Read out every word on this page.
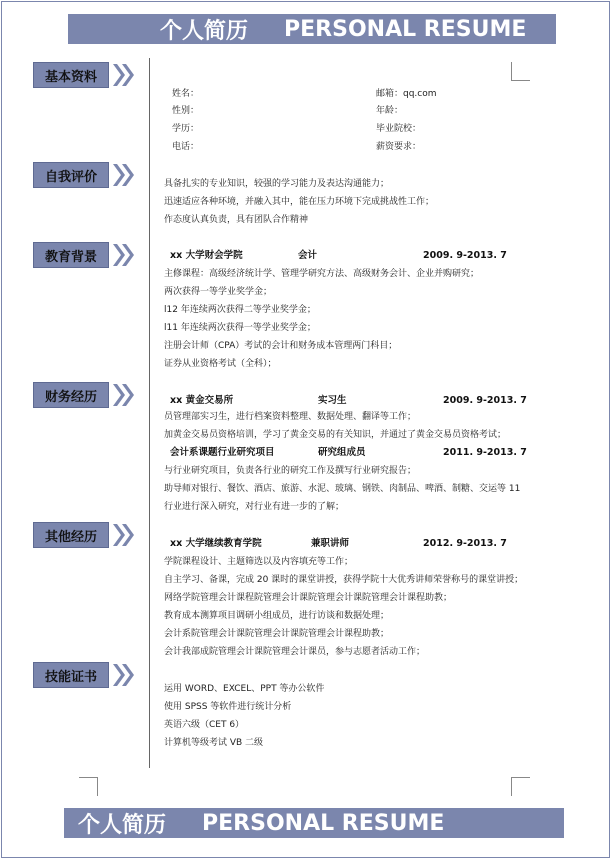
个人简历 PERSONAL RESUME
基本资料
自我评价
教育背景
财务经历
其他经历
技能证书
姓名：	邮箱：qq.com
性别：	年龄：
学历：	毕业院校：
电话：	薪资要求：
具备扎实的专业知识，较强的学习能力及表达沟通能力；
迅速适应各种环境，并融入其中，能在压力环境下完成挑战性工作；
作态度认真负责，具有团队合作精神
xx 大学财会学院	会计	2009. 9-2013. 7
主修课程：高级经济统计学、管理学研究方法、高级财务会计、企业并购研究；
两次获得一等学业奖学金；
l12 年连续两次获得二等学业奖学金；
l11 年连续两次获得一等学业奖学金；
注册会计师（CPA）考试的会计和财务成本管理两门科目；
证券从业资格考试（全科）；
xx 黄金交易所	实习生	2009. 9-2013. 7
员管理部实习生，进行档案资料整理、数据处理、翻译等工作；
加黄金交易员资格培训，学习了黄金交易的有关知识，并通过了黄金交易员资格考试；
会计系课题行业研究项目	研究组成员	2011. 9-2013. 7
与行业研究项目，负责各行业的研究工作及撰写行业研究报告；
助导师对银行、餐饮、酒店、旅游、水泥、玻璃、钢铁、肉制品、啤酒、制糖、交运等 11
行业进行深入研究，对行业有进一步的了解；
xx 大学继续教育学院	兼职讲师	2012. 9-2013. 7
学院课程设计、主题筛选以及内容填充等工作；
自主学习、备课，完成 20 课时的课堂讲授，获得学院十大优秀讲师荣誉称号的课堂讲授；
网络学院管理会计课程院管理会计课院管理会计课院管理会计课程助教；
教育成本测算项目调研小组成员，进行访谈和数据处理；
会计系院管理会计课院管理会计课院管理会计课程助教；
会计我部成院管理会计课院管理会计课员，参与志愿者活动工作；
运用 WORD、EXCEL、PPT 等办公软件
使用 SPSS 等软件进行统计分析
英语六级（CET 6）
计算机等级考试 VB 二级
个人简历 PERSONAL RESUME
